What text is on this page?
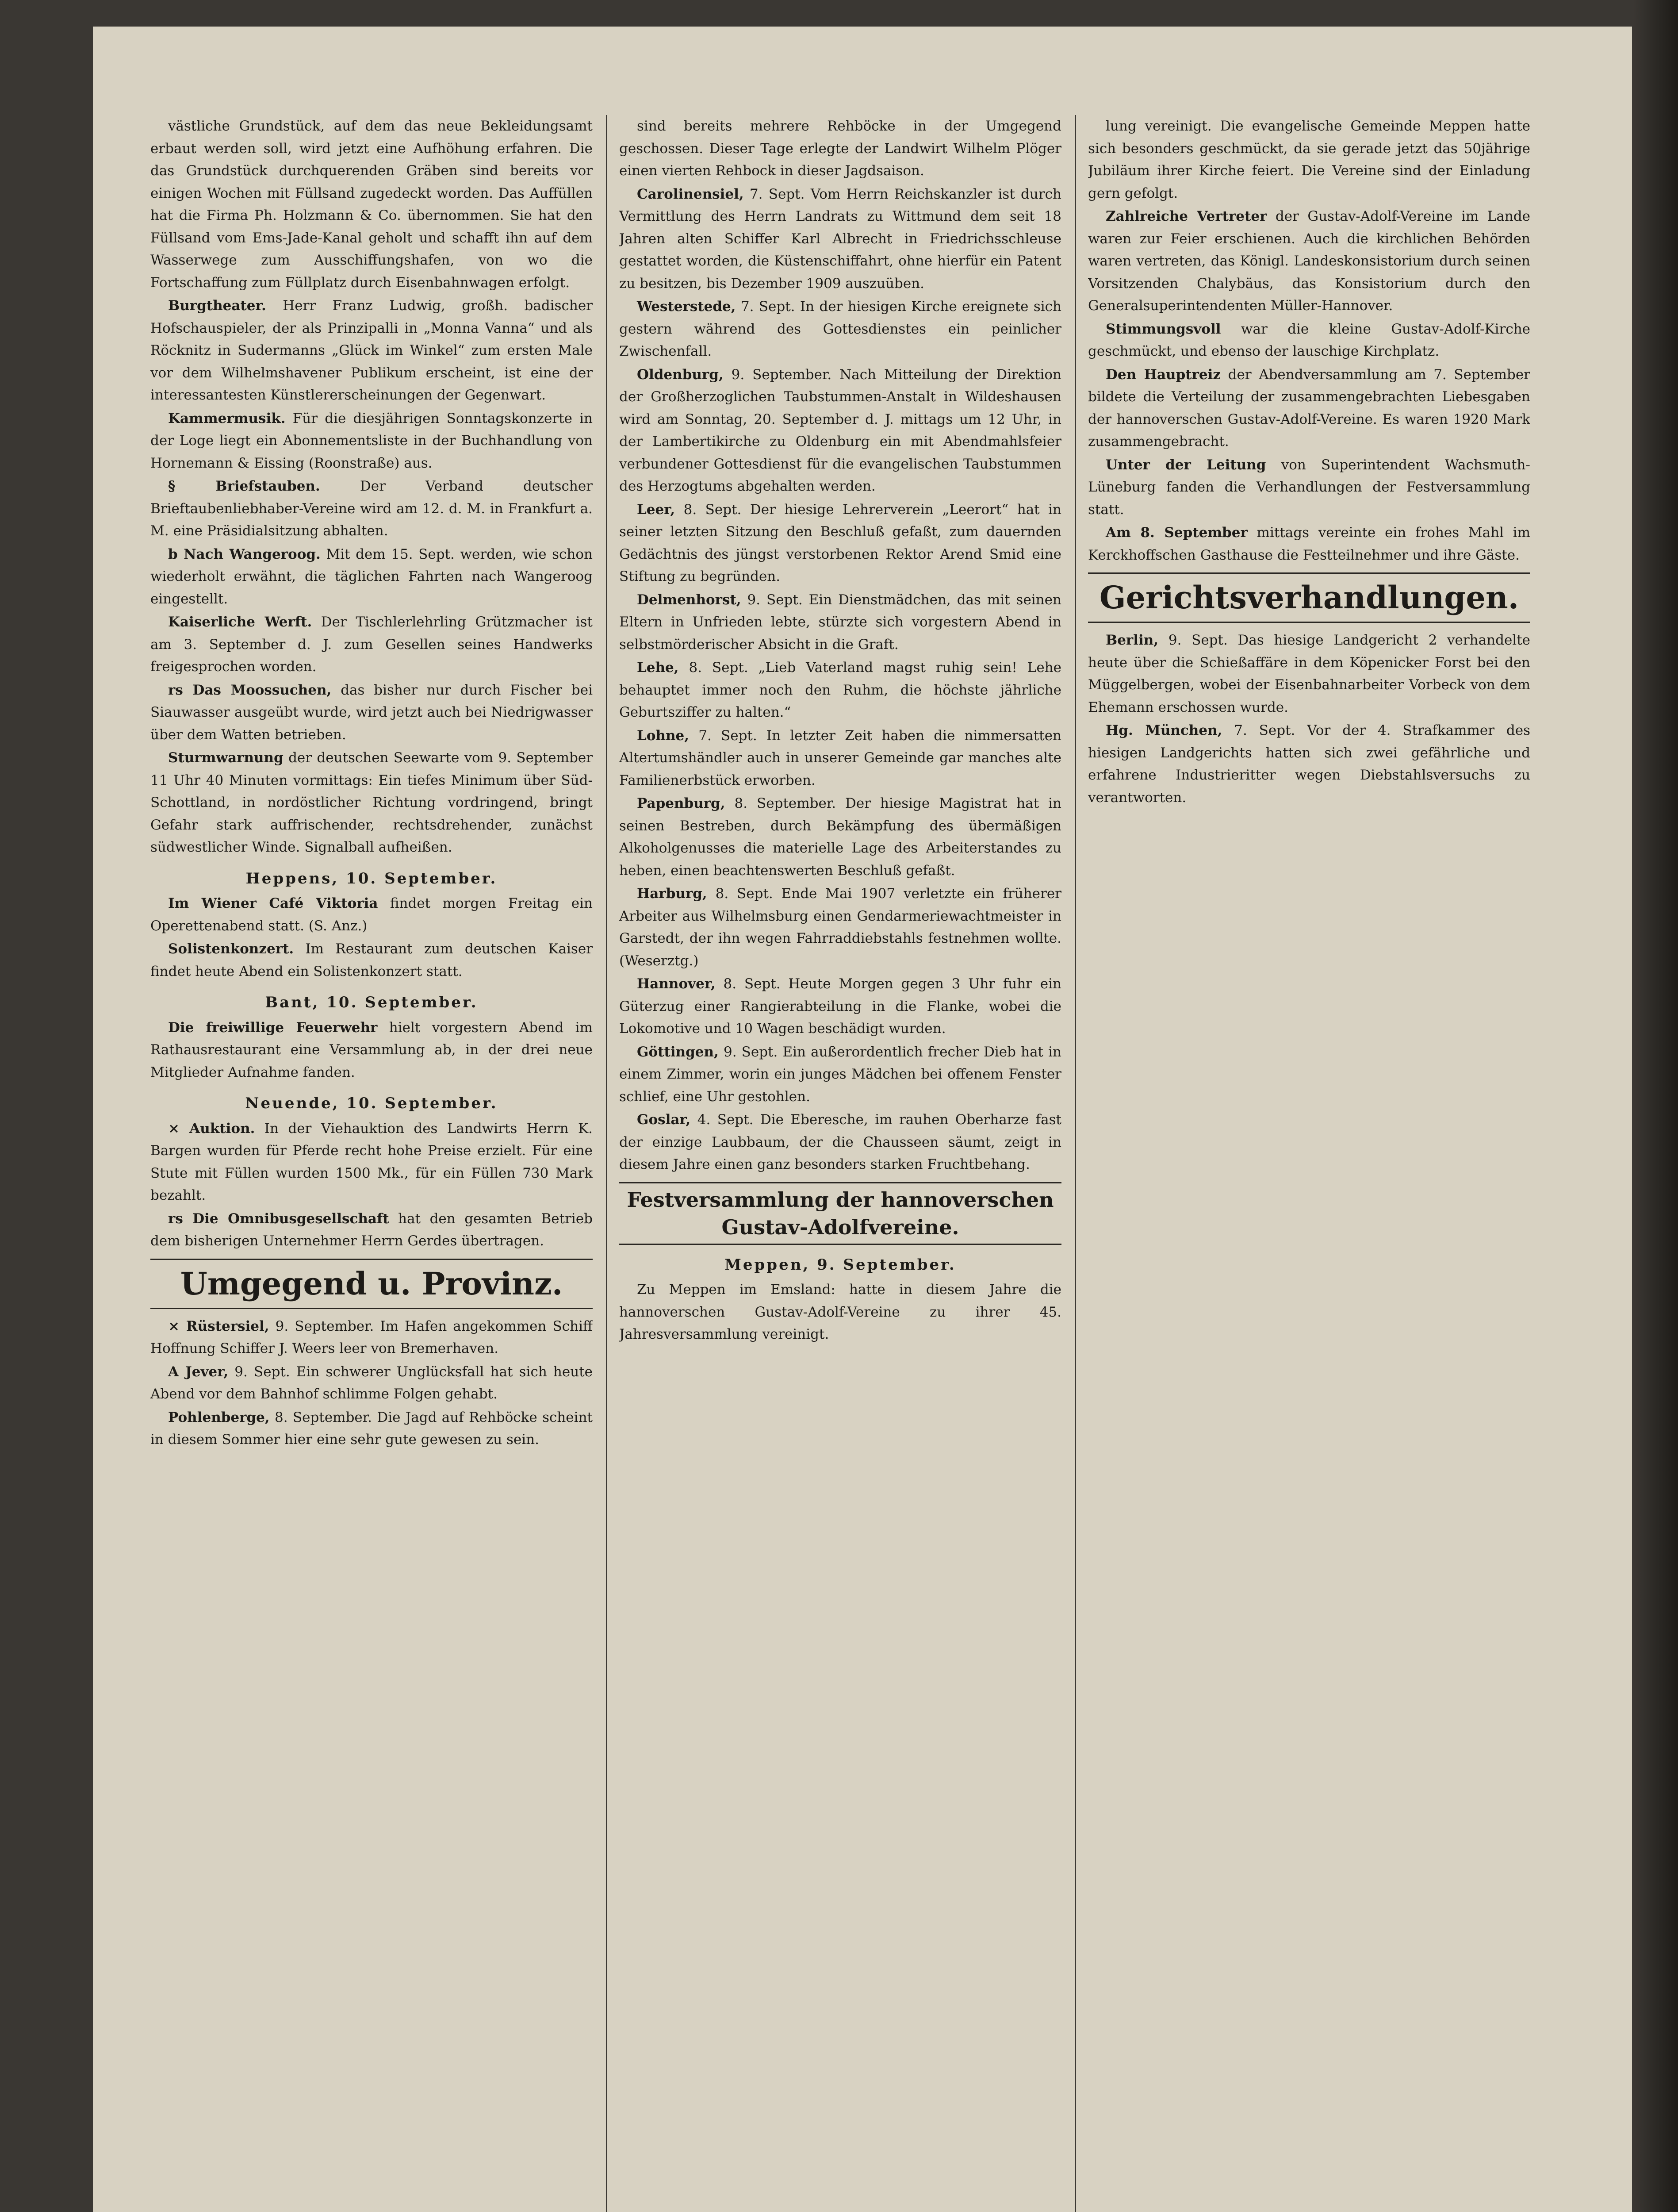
västliche Grundstück, auf dem das neue Bekleidungsamt erbaut werden soll, wird jetzt eine Aufhöhung erfahren. Die das Grundstück durchquerenden Gräben sind bereits vor einigen Wochen mit Füllsand zugedeckt worden. Das Auffüllen hat die Firma Ph. Holzmann & Co. übernommen. Sie hat den Füllsand vom Ems-Jade-Kanal geholt und schafft ihn auf dem Wasserwege zum Ausschiffungshafen, von wo die Fortschaffung zum Füllplatz durch Eisenbahnwagen erfolgt.

Burgtheater. Herr Franz Ludwig, großh. badischer Hofschauspieler, der als Prinzipalli in „Monna Vanna“ und als Röcknitz in Sudermanns „Glück im Winkel“ zum ersten Male vor dem Wilhelmshavener Publikum erscheint, ist eine der interessantesten Künstlererscheinungen der Gegenwart.

Kammermusik. Für die diesjährigen Sonntagskonzerte in der Loge liegt ein Abonnementsliste in der Buchhandlung von Hornemann & Eissing (Roonstraße) aus.

§ Briefstauben.	Der Verband deutscher Brieftaubenliebhaber-Vereine wird am 12. d. M. in Frankfurt a. M. eine Präsidialsitzung abhalten.

b Nach Wangeroog. Mit dem 15. Sept. werden, wie schon wiederholt erwähnt, die täglichen Fahrten nach Wangeroog eingestellt.

Kaiserliche Werft. Der Tischlerlehrling Grützmacher ist am 3. September d. J. zum Gesellen seines Handwerks freigesprochen worden.

rs Das Moossuchen, das bisher nur durch Fischer bei Siauwasser ausgeübt wurde, wird jetzt auch bei Niedrigwasser über dem Watten betrieben.

Sturmwarnung der deutschen Seewarte vom 9. September 11 Uhr 40 Minuten vormittags: Ein tiefes Minimum über Süd-Schottland, in nordöstlicher Richtung vordringend, bringt Gefahr stark auffrischender, rechtsdrehender, zunächst südwestlicher Winde. Signalball aufheißen.

Heppens, 10. September.

Im Wiener Café Viktoria findet morgen Freitag ein Operettenabend statt. (S. Anz.)

Solistenkonzert. Im Restaurant zum deutschen Kaiser findet heute Abend ein Solistenkonzert statt.

Bant, 10. September.

Die freiwillige Feuerwehr hielt vorgestern Abend im Rathausrestaurant eine Versammlung ab, in der drei neue Mitglieder Aufnahme fanden.

Neuende, 10. September.

× Auktion. In der Viehauktion des Landwirts Herrn K. Bargen wurden für Pferde recht hohe Preise erzielt. Für eine Stute mit Füllen wurden 1500 Mk., für ein Füllen 730 Mark bezahlt.

rs Die Omnibusgesellschaft hat den gesamten Betrieb dem bisherigen Unternehmer Herrn Gerdes übertragen.

Umgegend u. Provinz.

× Rüstersiel, 9. September. Im Hafen angekommen Schiff Hoffnung Schiffer J. Weers leer von Bremerhaven.

A Jever, 9. Sept. Ein schwerer Unglücksfall hat sich heute Abend vor dem Bahnhof schlimme Folgen gehabt.

Pohlenberge, 8. September. Die Jagd auf Rehböcke scheint in diesem Sommer hier eine sehr gute gewesen zu sein.

sind bereits mehrere Rehböcke in der Umgegend geschossen. Dieser Tage erlegte der Landwirt Wilhelm Plöger einen vierten Rehbock in dieser Jagdsaison.

Carolinensiel, 7. Sept. Vom Herrn Reichskanzler ist durch Vermittlung des Herrn Landrats zu Wittmund dem seit 18 Jahren alten Schiffer Karl Albrecht in Friedrichsschleuse gestattet worden, die Küstenschiffahrt, ohne hierfür ein Patent zu besitzen, bis Dezember 1909 auszuüben.

Westerstede, 7. Sept. In der hiesigen Kirche ereignete sich gestern während des Gottesdienstes ein peinlicher Zwischenfall.

Oldenburg, 9. September. Nach Mitteilung der Direktion der Großherzoglichen Taubstummen-Anstalt in Wildeshausen wird am Sonntag, 20. September d. J. mittags um 12 Uhr, in der Lambertikirche zu Oldenburg ein mit Abendmahlsfeier verbundener Gottesdienst für die evangelischen Taubstummen des Herzogtums abgehalten werden.

Leer, 8. Sept. Der hiesige Lehrerverein „Leerort“ hat in seiner letzten Sitzung den Beschluß gefaßt, zum dauernden Gedächtnis des jüngst verstorbenen Rektor Arend Smid eine Stiftung zu begründen.

Delmenhorst, 9. Sept. Ein Dienstmädchen, das mit seinen Eltern in Unfrieden lebte, stürzte sich vorgestern Abend in selbstmörderischer Absicht in die Graft.

Lehe, 8. Sept. „Lieb Vaterland magst ruhig sein! Lehe behauptet immer noch den Ruhm, die höchste jährliche Geburtsziffer zu halten.“

Lohne, 7. Sept. In letzter Zeit haben die nimmersatten Altertumshändler auch in unserer Gemeinde gar manches alte Familienerbstück erworben.

Papenburg, 8. September. Der hiesige Magistrat hat in seinen Bestreben, durch Bekämpfung des übermäßigen Alkoholgenusses die materielle Lage des Arbeiterstandes zu heben, einen beachtenswerten Beschluß gefaßt.

Harburg, 8. Sept. Ende Mai 1907 verletzte ein früherer Arbeiter aus Wilhelmsburg einen Gendarmeriewachtmeister in Garstedt, der ihn wegen Fahrraddiebstahls festnehmen wollte. (Weserztg.)

Hannover, 8. Sept. Heute Morgen gegen 3 Uhr fuhr ein Güterzug einer Rangierabteilung in die Flanke, wobei die Lokomotive und 10 Wagen beschädigt wurden.

Göttingen, 9. Sept. Ein außerordentlich frecher Dieb hat in einem Zimmer, worin ein junges Mädchen bei offenem Fenster schlief, eine Uhr gestohlen.

Goslar, 4. Sept. Die Eberesche, im rauhen Oberharze fast der einzige Laubbaum, der die Chausseen säumt, zeigt in diesem Jahre einen ganz besonders starken Fruchtbehang.

Festversammlung der hannoverschen Gustav-Adolfvereine.
Meppen, 9. September.

Zu Meppen im Emsland: hatte in diesem Jahre die hannoverschen Gustav-Adolf-Vereine zu ihrer 45. Jahresversammlung vereinigt.

lung vereinigt. Die evangelische Gemeinde Meppen hatte sich besonders geschmückt, da sie gerade jetzt das 50jährige Jubiläum ihrer Kirche feiert. Die Vereine sind der Einladung gern gefolgt.

Zahlreiche Vertreter der Gustav-Adolf-Vereine im Lande waren zur Feier erschienen. Auch die kirchlichen Behörden waren vertreten, das Königl. Landeskonsistorium durch seinen Vorsitzenden Chalybäus, das Konsistorium durch den Generalsuperintendenten Müller-Hannover.

Stimmungsvoll war die kleine Gustav-Adolf-Kirche geschmückt, und ebenso der lauschige Kirchplatz.

Den Hauptreiz der Abendversammlung am 7. September bildete die Verteilung der zusammengebrachten Liebesgaben der hannoverschen Gustav-Adolf-Vereine. Es waren 1920 Mark zusammengebracht.

Unter der Leitung von Superintendent Wachsmuth-Lüneburg fanden die Verhandlungen der Festversammlung statt.

Am 8. September mittags vereinte ein frohes Mahl im Kerckhoffschen Gasthause die Festteilnehmer und ihre Gäste.

Gerichtsverhandlungen.

Berlin, 9. Sept. Das hiesige Landgericht 2 verhandelte heute über die Schießaffäre in dem Köpenicker Forst bei den Müggelbergen, wobei der Eisenbahnarbeiter Vorbeck von dem Ehemann erschossen wurde.

Hg. München, 7. Sept. Vor der 4. Strafkammer des hiesigen Landgerichts hatten sich zwei gefährliche und erfahrene Industrieritter wegen Diebstahlsversuchs zu verantworten.
